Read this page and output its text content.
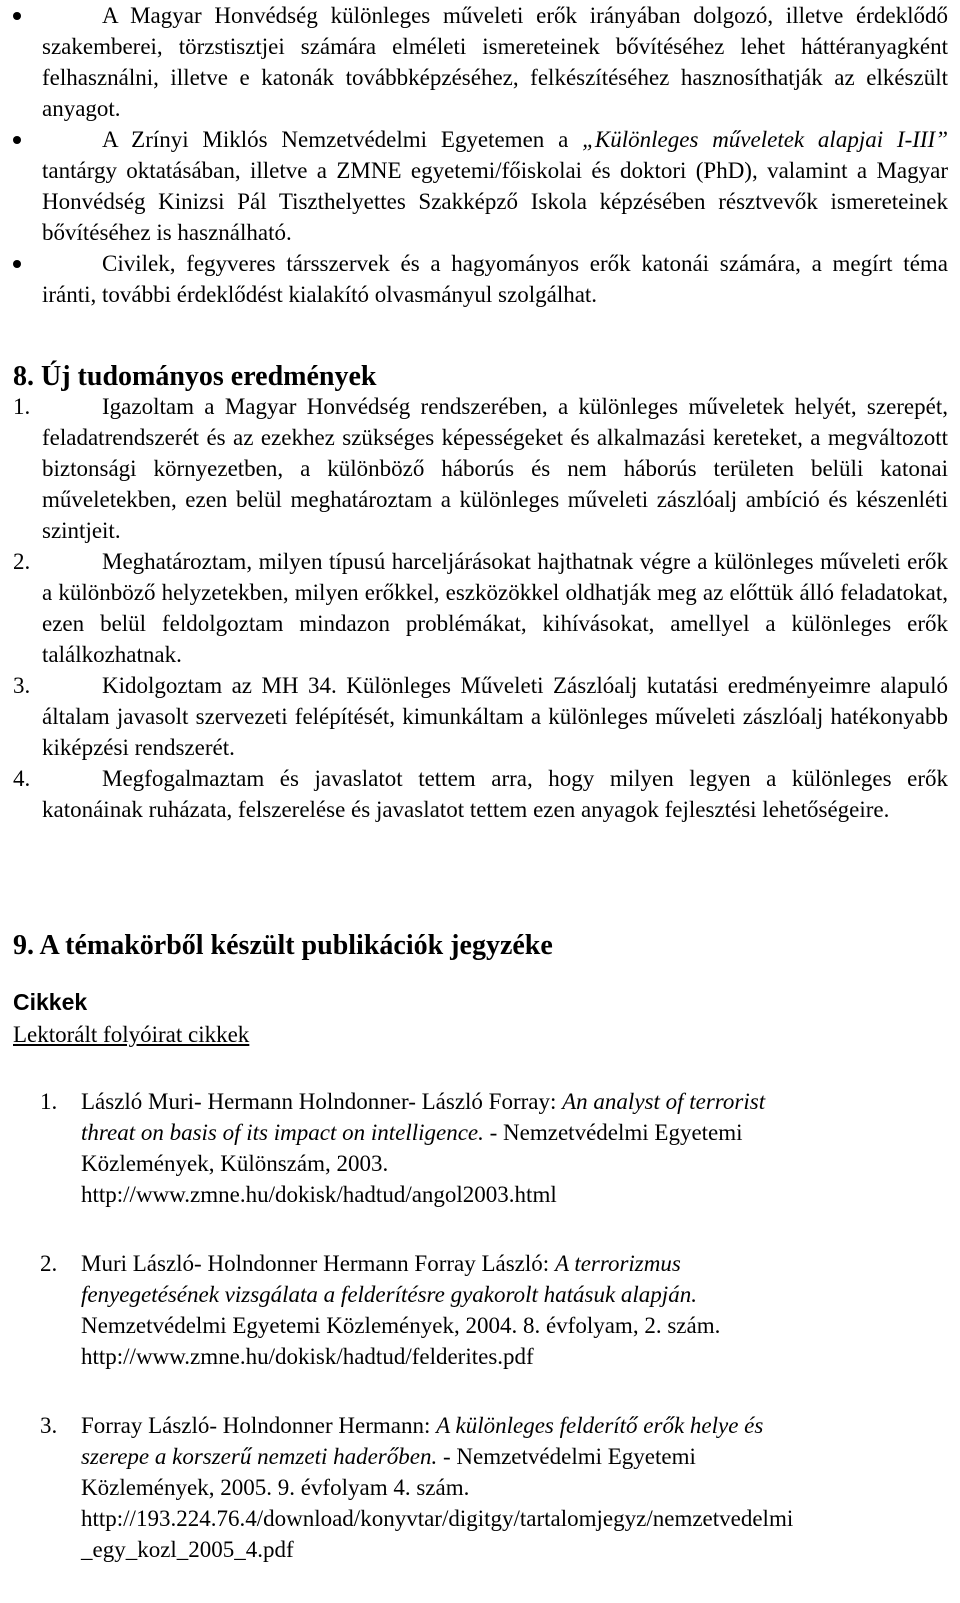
A Magyar Honvédség különleges műveleti erők irányában dolgozó, illetve érdeklődő szakemberei, törzstisztjei számára elméleti ismereteinek bővítéséhez lehet háttéranyagként felhasználni, illetve e katonák továbbképzéséhez, felkészítéséhez hasznosíthatják az elkészült anyagot.

A Zrínyi Miklós Nemzetvédelmi Egyetemen a „Különleges műveletek alapjai I-III” tantárgy oktatásában, illetve a ZMNE egyetemi/főiskolai és doktori (PhD), valamint a Magyar Honvédség Kinizsi Pál Tiszthelyettes Szakképző Iskola képzésében résztvevők ismereteinek bővítéséhez is használható.

Civilek, fegyveres társszervek és a hagyományos erők katonái számára, a megírt téma iránti, további érdeklődést kialakító olvasmányul szolgálhat.

8. Új tudományos eredmények
1.	Igazoltam a Magyar Honvédség rendszerében, a különleges műveletek helyét, szerepét, feladatrendszerét és az ezekhez szükséges képességeket és alkalmazási kereteket, a megváltozott biztonsági környezetben, a különböző háborús és nem háborús területen belüli katonai műveletekben, ezen belül meghatároztam a különleges műveleti zászlóalj ambíció és készenléti szintjeit.
2.	Meghatároztam, milyen típusú harceljárásokat hajthatnak végre a különleges műveleti erők a különböző helyzetekben, milyen erőkkel, eszközökkel oldhatják meg az előttük álló feladatokat, ezen belül feldolgoztam mindazon problémákat, kihívásokat, amellyel a különleges erők találkozhatnak.
3.	Kidolgoztam az MH 34. Különleges Műveleti Zászlóalj kutatási eredményeimre alapuló általam javasolt szervezeti felépítését, kimunkáltam a különleges műveleti zászlóalj hatékonyabb kiképzési rendszerét.
4.	Megfogalmaztam és javaslatot tettem arra, hogy milyen legyen a különleges erők katonáinak ruházata, felszerelése és javaslatot tettem ezen anyagok fejlesztési lehetőségeire.
9. A témakörből készült publikációk jegyzéke

Cikkek

Lektorált folyóirat cikkek

1. László Muri- Hermann Holndonner- László Forray: An analyst of terrorist
threat on basis of its impact on intelligence. - Nemzetvédelmi Egyetemi
Közlemények, Különszám, 2003.
http://www.zmne.hu/dokisk/hadtud/angol2003.html
2. Muri László- Holndonner Hermann Forray László: A terrorizmus
fenyegetésének vizsgálata a felderítésre gyakorolt hatásuk alapján.
Nemzetvédelmi Egyetemi Közlemények, 2004. 8. évfolyam, 2. szám.
http://www.zmne.hu/dokisk/hadtud/felderites.pdf
3. Forray László- Holndonner Hermann: A különleges felderítő erők helye és
szerepe a korszerű nemzeti haderőben. - Nemzetvédelmi Egyetemi
Közlemények, 2005. 9. évfolyam 4. szám.
http://193.224.76.4/download/konyvtar/digitgy/tartalomjegyz/nemzetvedelmi
_egy_kozl_2005_4.pdf
